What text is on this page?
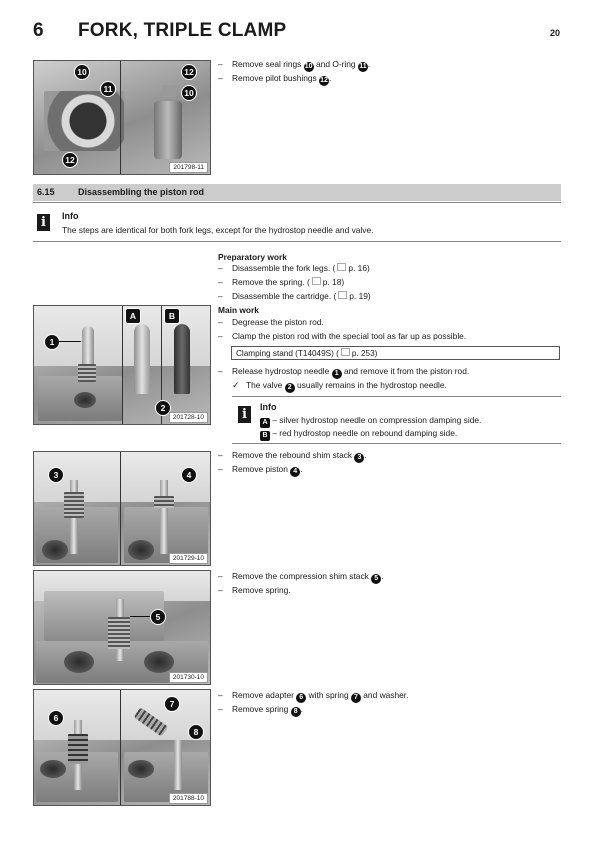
6 FORK, TRIPLE CLAMP	20
10
11
12
12
10
201798-11
– Remove seal rings 10 and O-ring 11.
– Remove pilot bushings 12.
6.15	Disassembling the piston rod
i	Info
The steps are identical for both fork legs, except for the hydrostop needle and valve.
1
A	B
2
201728-10
Preparatory work
– Disassemble the fork legs. ( p. 16)
– Remove the spring. ( p. 18)
– Disassemble the cartridge. ( p. 19)
Main work
– Degrease the piston rod.
– Clamp the piston rod with the special tool as far up as possible.
Clamping stand (T14049S) ( p. 253)
– Release hydrostop needle 1 and remove it from the piston rod.
✓ The valve 2 usually remains in the hydrostop needle.
i	Info
A – silver hydrostop needle on compression damping side.
B – red hydrostop needle on rebound damping side.
3	4
201729-10
– Remove the rebound shim stack 3 .
– Remove piston 4 .
5
201730-10
– Remove the compression shim stack 5 .
– Remove spring.
6
7
8
201788-10
– Remove adapter 6 with spring 7 and washer.
– Remove spring 8 .
